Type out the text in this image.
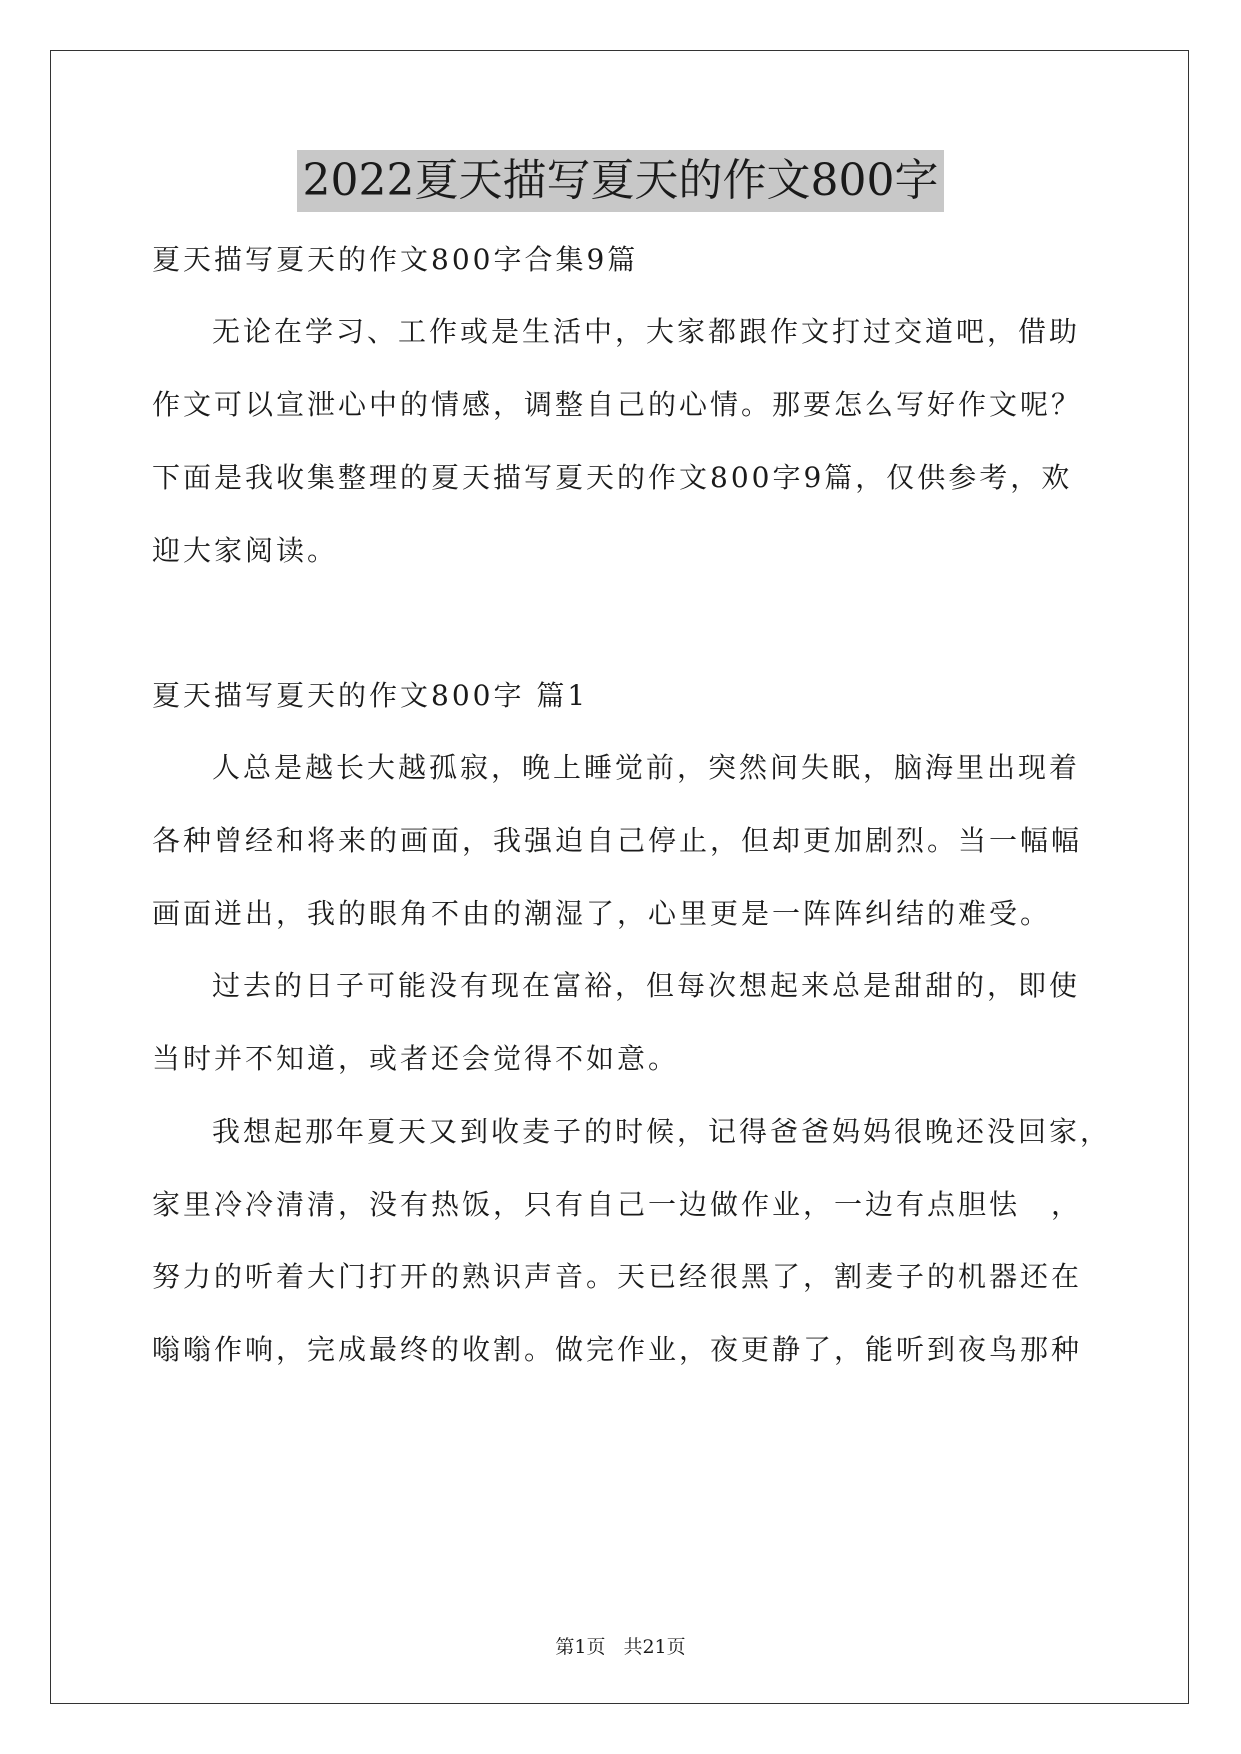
2022夏天描写夏天的作文800字
夏天描写夏天的作文800字合集9篇
无论在学习、工作或是生活中，大家都跟作文打过交道吧，借助
作文可以宣泄心中的情感，调整自己的心情。那要怎么写好作文呢？
下面是我收集整理的夏天描写夏天的作文800字9篇，仅供参考，欢
迎大家阅读。
夏天描写夏天的作文800字 篇1
人总是越长大越孤寂，晚上睡觉前，突然间失眠，脑海里出现着
各种曾经和将来的画面，我强迫自己停止，但却更加剧烈。当一幅幅
画面迸出，我的眼角不由的潮湿了，心里更是一阵阵纠结的难受。
过去的日子可能没有现在富裕，但每次想起来总是甜甜的，即使
当时并不知道，或者还会觉得不如意。
我想起那年夏天又到收麦子的时候，记得爸爸妈妈很晚还没回家，
家里冷冷清清，没有热饭，只有自己一边做作业，一边有点胆怯　，
努力的听着大门打开的熟识声音。天已经很黑了，割麦子的机器还在
嗡嗡作响，完成最终的收割。做完作业，夜更静了，能听到夜鸟那种
第1页 共21页
